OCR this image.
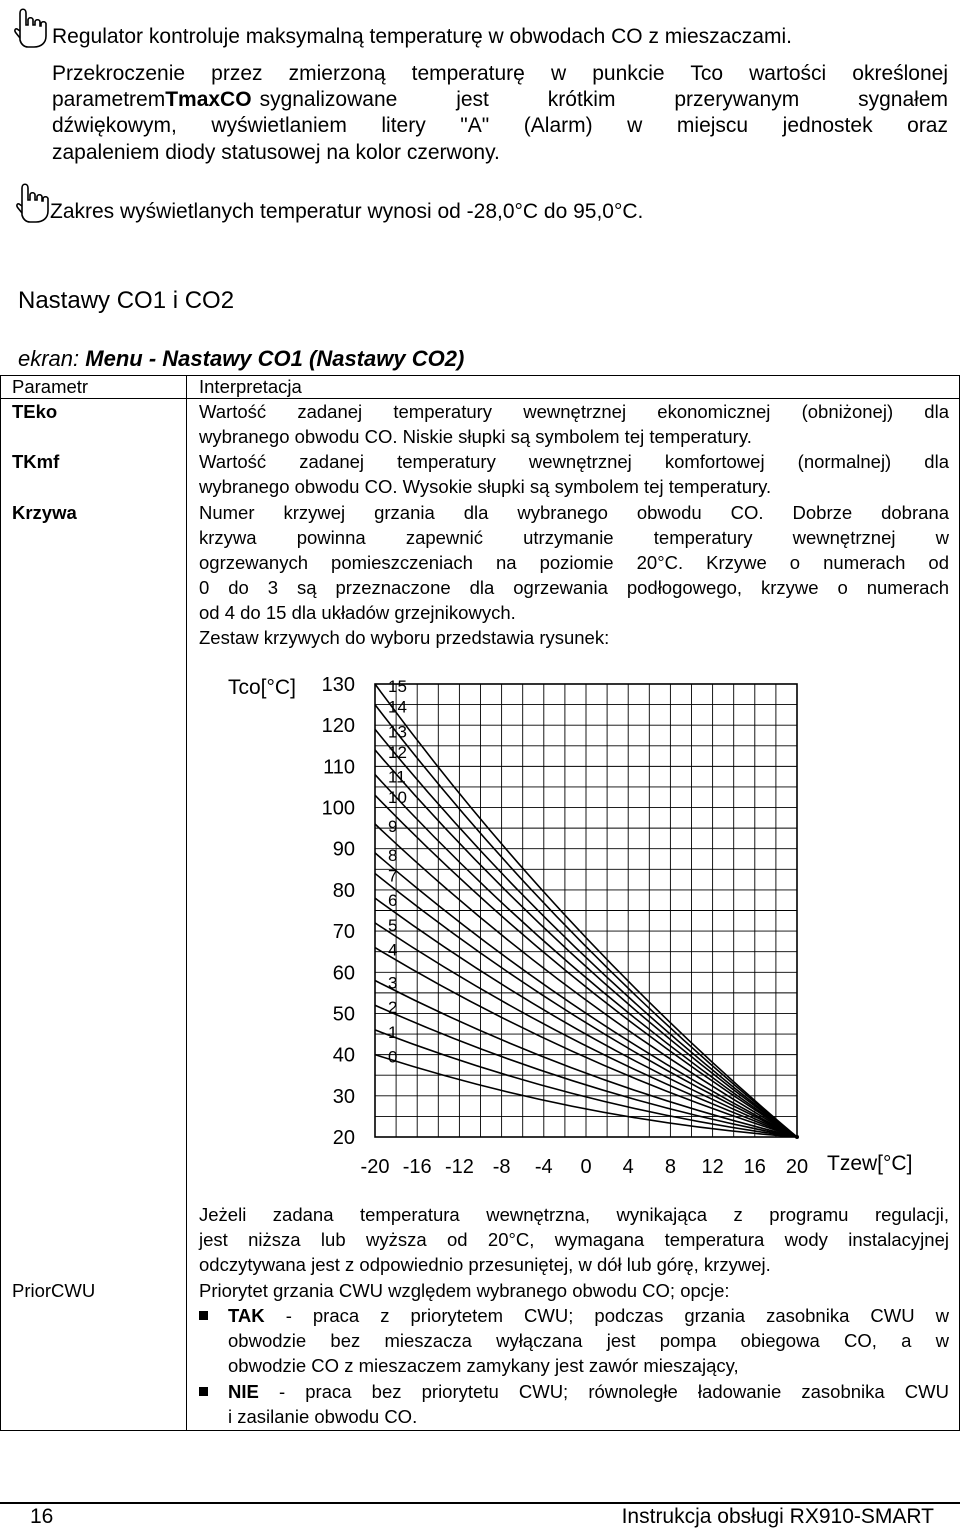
Regulator kontroluje maksymalną temperaturę w obwodach CO z mieszaczami.
Przekroczenie przez zmierzoną temperaturę w punkcie Tco wartości określonej
parametrem TmaxCO sygnalizowane jest krótkim przerywanym sygnałem
dźwiękowym, wyświetlaniem litery "A" (Alarm) w miejscu jednostek oraz
zapaleniem diody statusowej na kolor czerwony.
Zakres wyświetlanych temperatur wynosi od -28,0°C do 95,0°C.
Nastawy CO1 i CO2
ekran: Menu - Nastawy CO1 (Nastawy CO2)
Parametr	Interpretacja
TEko	Wartość zadanej temperatury wewnętrznej ekonomicznej (obniżonej) dla
wybranego obwodu CO. Niskie słupki są symbolem tej temperatury.
TKmf	Wartość zadanej temperatury wewnętrznej komfortowej (normalnej) dla
wybranego obwodu CO. Wysokie słupki są symbolem tej temperatury.
Krzywa	Numer krzywej grzania dla wybranego obwodu CO. Dobrze dobrana
krzywa powinna zapewnić utrzymanie temperatury wewnętrznej w
ogrzewanych pomieszczeniach na poziomie 20°C. Krzywe o numerach od
0 do 3 są przeznaczone dla ogrzewania podłogowego, krzywe o numerach
od 4 do 15 dla układów grzejnikowych.
Zestaw krzywych do wyboru przedstawia rysunek:
130
120
110
100
90
80
70
60
50
40
30
20
-20 -16 -12 -8 -4 0 4 8 12 16 20
15
14
13
12
11
10
9
8
7
6
5
4
3
2
1
0
Tco[°C]
Tzew[°C]
Jeżeli zadana temperatura wewnętrzna, wynikająca z programu regulacji,
jest niższa lub wyższa od 20°C, wymagana temperatura wody instalacyjnej
odczytywana jest z odpowiednio przesuniętej, w dół lub górę, krzywej.
PriorCWU	Priorytet grzania CWU względem wybranego obwodu CO; opcje:
TAK - praca z priorytetem CWU; podczas grzania zasobnika CWU w
obwodzie bez mieszacza wyłączana jest pompa obiegowa CO, a w
obwodzie CO z mieszaczem zamykany jest zawór mieszający,
NIE - praca bez priorytetu CWU; równoległe ładowanie zasobnika CWU
i zasilanie obwodu CO.
16	Instrukcja obsługi RX910-SMART
